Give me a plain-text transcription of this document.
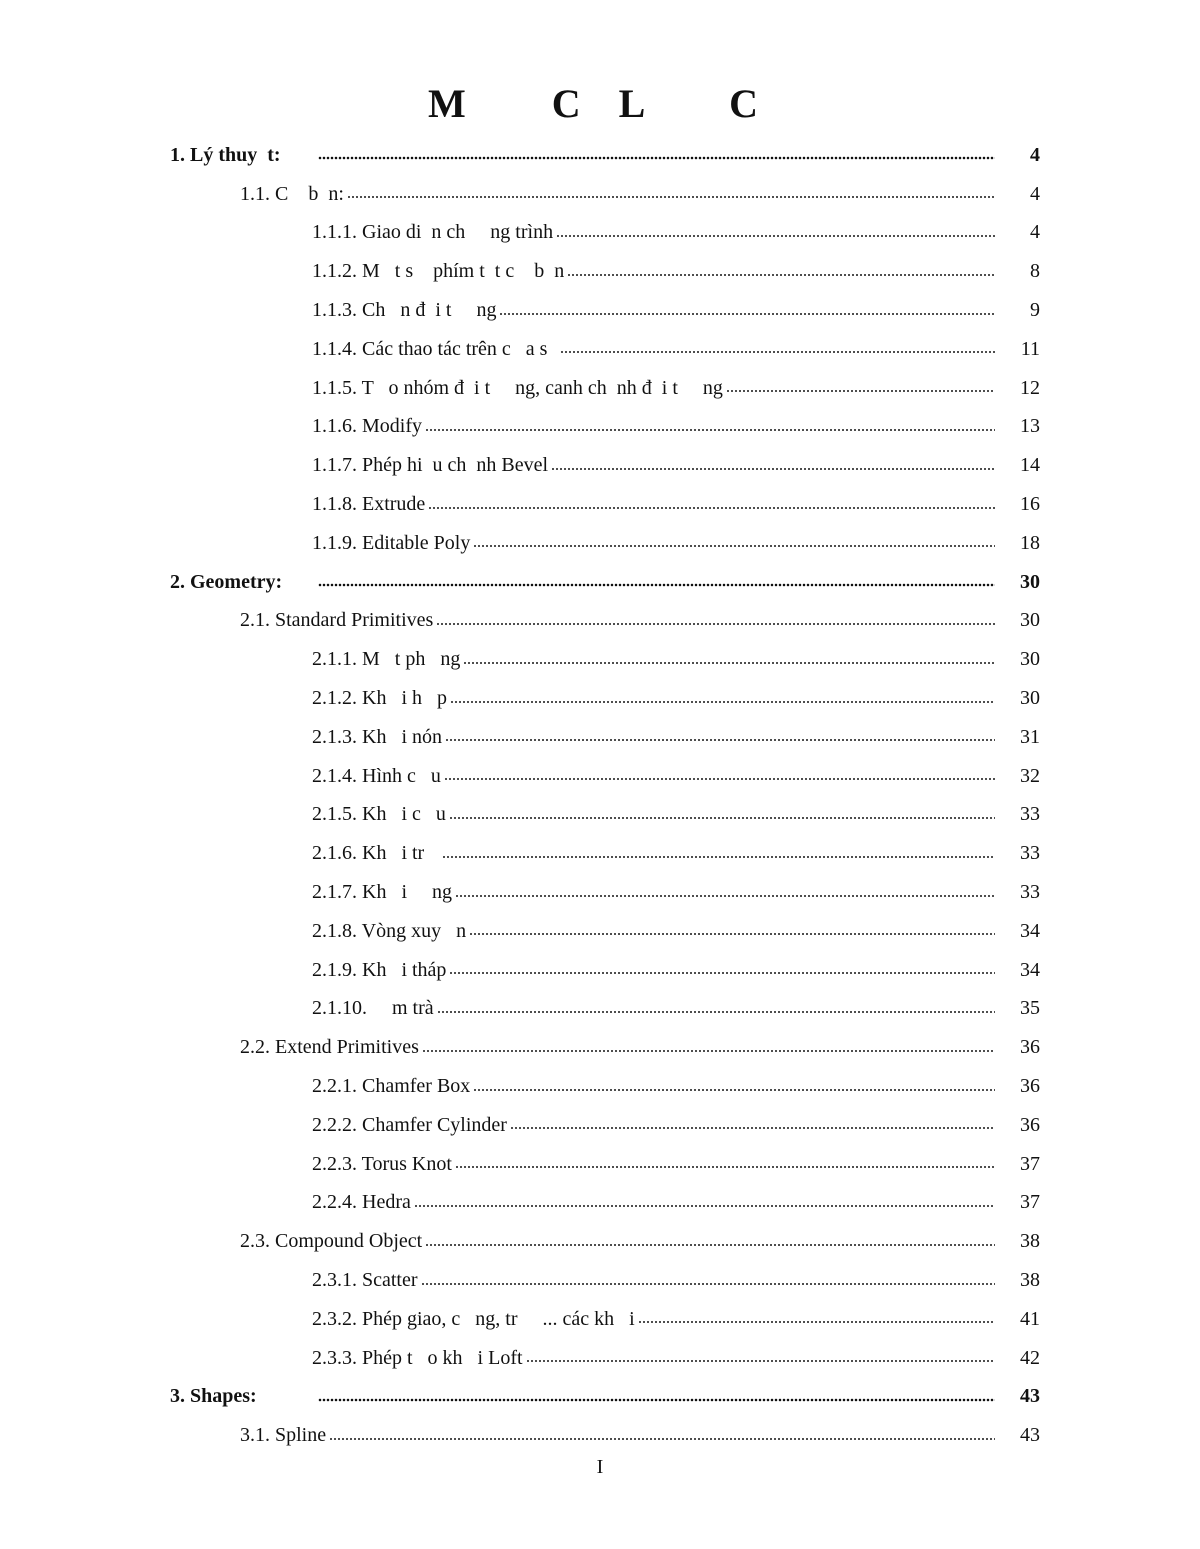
M   C L   C
1. Lý thuy  t:	4
1.1. C    b  n:	4
1.1.1. Giao di  n ch     ng trình	4
1.1.2. M   t s    phím t  t c    b  n	8
1.1.3. Ch   n đ  i t     ng	9
1.1.4. Các thao tác trên c   a s	11
1.1.5. T   o nhóm đ  i t     ng, canh ch  nh đ  i t     ng	12
1.1.6. Modify	13
1.1.7. Phép hi  u ch  nh Bevel	14
1.1.8. Extrude	16
1.1.9. Editable Poly	18
2. Geometry:	30
2.1. Standard Primitives	30
2.1.1. M   t ph   ng	30
2.1.2. Kh   i h   p	30
2.1.3. Kh   i nón	31
2.1.4. Hình c   u	32
2.1.5. Kh   i c   u	33
2.1.6. Kh   i tr	33
2.1.7. Kh   i     ng	33
2.1.8. Vòng xuy   n	34
2.1.9. Kh   i tháp	34
2.1.10.     m trà	35
2.2. Extend Primitives	36
2.2.1. Chamfer Box	36
2.2.2. Chamfer Cylinder	36
2.2.3. Torus Knot	37
2.2.4. Hedra	37
2.3. Compound Object	38
2.3.1. Scatter	38
2.3.2. Phép giao, c   ng, tr     ... các kh   i	41
2.3.3. Phép t   o kh   i Loft	42
3. Shapes:	43
3.1. Spline	43
I
